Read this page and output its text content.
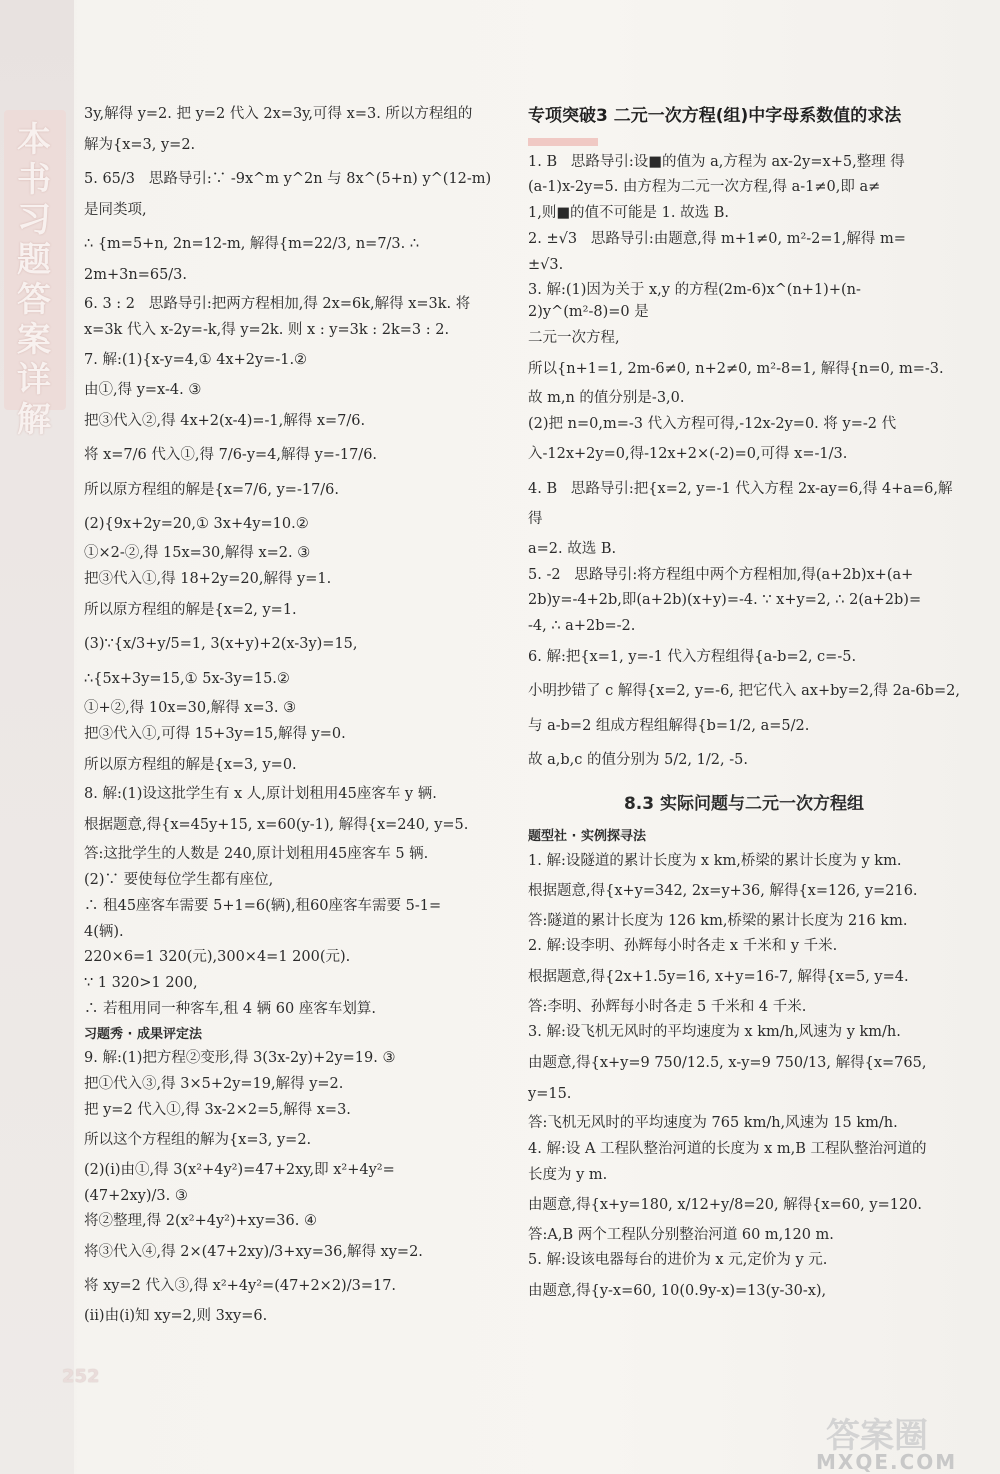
本书习题答案详解
3y,解得 y=2. 把 y=2 代入 2x=3y,可得 x=3. 所以方程组的
解为{x=3, y=2.
5. 65/3   思路导引:∵ -9x^m y^2n 与 8x^(5+n) y^(12-m) 是同类项,
∴ {m=5+n, 2n=12-m, 解得{m=22/3, n=7/3. ∴ 2m+3n=65/3.
6. 3 : 2   思路导引:把两方程相加,得 2x=6k,解得 x=3k. 将
x=3k 代入 x-2y=-k,得 y=2k. 则 x : y=3k : 2k=3 : 2.
7. 解:(1){x-y=4,① 4x+2y=-1.②
由①,得 y=x-4. ③
把③代入②,得 4x+2(x-4)=-1,解得 x=7/6.
将 x=7/6 代入①,得 7/6-y=4,解得 y=-17/6.
所以原方程组的解是{x=7/6, y=-17/6.
(2){9x+2y=20,① 3x+4y=10.②
①×2-②,得 15x=30,解得 x=2. ③
把③代入①,得 18+2y=20,解得 y=1.
所以原方程组的解是{x=2, y=1.
(3)∵{x/3+y/5=1, 3(x+y)+2(x-3y)=15,
∴{5x+3y=15,① 5x-3y=15.②
①+②,得 10x=30,解得 x=3. ③
把③代入①,可得 15+3y=15,解得 y=0.
所以原方程组的解是{x=3, y=0.
8. 解:(1)设这批学生有 x 人,原计划租用45座客车 y 辆.
根据题意,得{x=45y+15, x=60(y-1), 解得{x=240, y=5.
答:这批学生的人数是 240,原计划租用45座客车 5 辆.
(2)∵ 要使每位学生都有座位,
∴ 租45座客车需要 5+1=6(辆),租60座客车需要 5-1=
4(辆).
220×6=1 320(元),300×4=1 200(元).
∵ 1 320>1 200,
∴ 若租用同一种客车,租 4 辆 60 座客车划算.
习题秀 · 成果评定法
9. 解:(1)把方程②变形,得 3(3x-2y)+2y=19. ③
把①代入③,得 3×5+2y=19,解得 y=2.
把 y=2 代入①,得 3x-2×2=5,解得 x=3.
所以这个方程组的解为{x=3, y=2.
(2)(ⅰ)由①,得 3(x²+4y²)=47+2xy,即 x²+4y²=
(47+2xy)/3. ③
将②整理,得 2(x²+4y²)+xy=36. ④
将③代入④,得 2×(47+2xy)/3+xy=36,解得 xy=2.
将 xy=2 代入③,得 x²+4y²=(47+2×2)/3=17.
(ⅱ)由(ⅰ)知 xy=2,则 3xy=6.
专项突破3 二元一次方程(组)中字母系数值的求法
1. B   思路导引:设■的值为 a,方程为 ax-2y=x+5,整理 得
(a-1)x-2y=5. 由方程为二元一次方程,得 a-1≠0,即 a≠
1,则■的值不可能是 1. 故选 B.
2. ±√3   思路导引:由题意,得 m+1≠0, m²-2=1,解得 m=
±√3.
3. 解:(1)因为关于 x,y 的方程(2m-6)x^(n+1)+(n-2)y^(m²-8)=0 是
二元一次方程,
所以{n+1=1, 2m-6≠0, n+2≠0, m²-8=1, 解得{n=0, m=-3.
故 m,n 的值分别是-3,0.
(2)把 n=0,m=-3 代入方程可得,-12x-2y=0. 将 y=-2 代
入-12x+2y=0,得-12x+2×(-2)=0,可得 x=-1/3.
4. B   思路导引:把{x=2, y=-1 代入方程 2x-ay=6,得 4+a=6,解得
a=2. 故选 B.
5. -2   思路导引:将方程组中两个方程相加,得(a+2b)x+(a+
2b)y=-4+2b,即(a+2b)(x+y)=-4. ∵ x+y=2, ∴ 2(a+2b)=
-4, ∴ a+2b=-2.
6. 解:把{x=1, y=-1 代入方程组得{a-b=2, c=-5.
小明抄错了 c 解得{x=2, y=-6, 把它代入 ax+by=2,得 2a-6b=2,
与 a-b=2 组成方程组解得{b=1/2, a=5/2.
故 a,b,c 的值分别为 5/2, 1/2, -5.
8.3 实际问题与二元一次方程组
题型社 · 实例探寻法
1. 解:设隧道的累计长度为 x km,桥梁的累计长度为 y km.
根据题意,得{x+y=342, 2x=y+36, 解得{x=126, y=216.
答:隧道的累计长度为 126 km,桥梁的累计长度为 216 km.
2. 解:设李明、孙辉每小时各走 x 千米和 y 千米.
根据题意,得{2x+1.5y=16, x+y=16-7, 解得{x=5, y=4.
答:李明、孙辉每小时各走 5 千米和 4 千米.
3. 解:设飞机无风时的平均速度为 x km/h,风速为 y km/h.
由题意,得{x+y=9 750/12.5, x-y=9 750/13, 解得{x=765, y=15.
答:飞机无风时的平均速度为 765 km/h,风速为 15 km/h.
4. 解:设 A 工程队整治河道的长度为 x m,B 工程队整治河道的
长度为 y m.
由题意,得{x+y=180, x/12+y/8=20, 解得{x=60, y=120.
答:A,B 两个工程队分别整治河道 60 m,120 m.
5. 解:设该电器每台的进价为 x 元,定价为 y 元.
由题意,得{y-x=60, 10(0.9y-x)=13(y-30-x),
252
答案圈
MXQE.COM
